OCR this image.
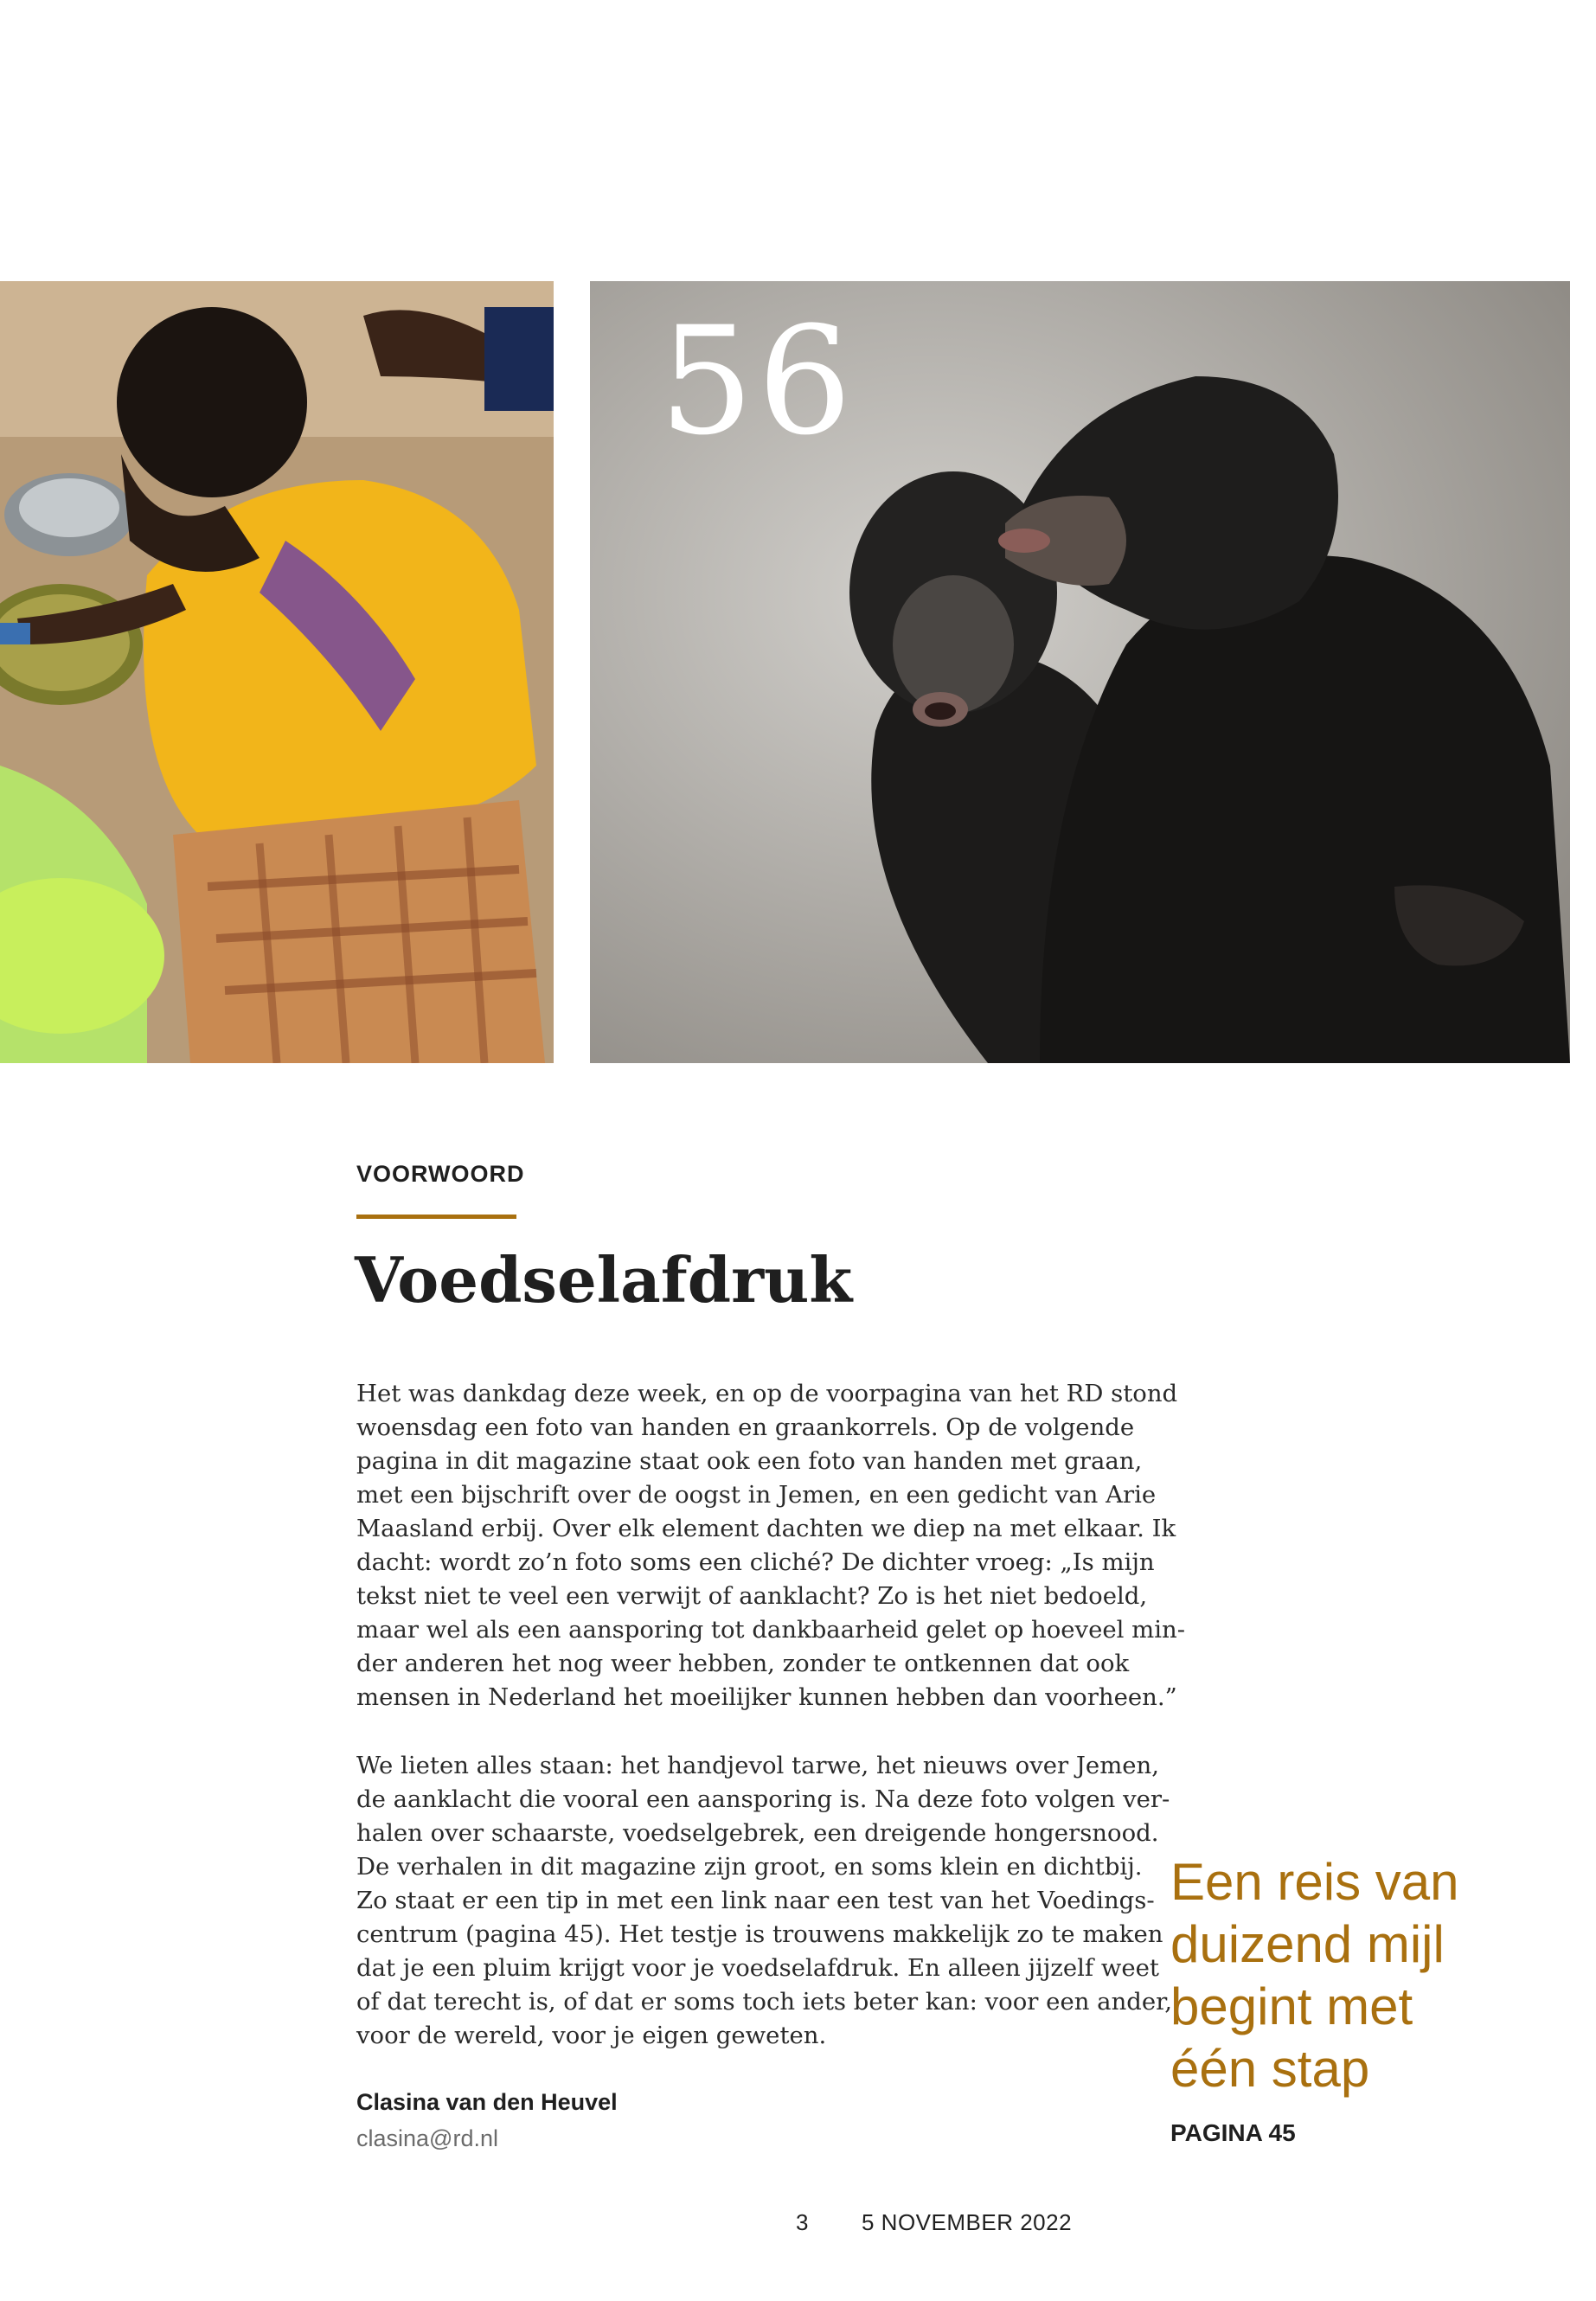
56
VOORWOORD
Voedselafdruk
Het was dankdag deze week, en op de voorpagina van het RD stond
woensdag een foto van handen en graankorrels. Op de volgende
pagina in dit magazine staat ook een foto van handen met graan,
met een bijschrift over de oogst in Jemen, en een gedicht van Arie
Maasland erbij. Over elk element dachten we diep na met elkaar. Ik
dacht: wordt zo’n foto soms een cliché? De dichter vroeg: „Is mijn
tekst niet te veel een verwijt of aanklacht? Zo is het niet bedoeld,
maar wel als een aansporing tot dankbaarheid gelet op hoeveel min-
der anderen het nog weer hebben, zonder te ontkennen dat ook
mensen in Nederland het moeilijker kunnen hebben dan voorheen.”
We lieten alles staan: het handjevol tarwe, het nieuws over Jemen,
de aanklacht die vooral een aansporing is. Na deze foto volgen ver-
halen over schaarste, voedselgebrek, een dreigende hongersnood.
De verhalen in dit magazine zijn groot, en soms klein en dichtbij.
Zo staat er een tip in met een link naar een test van het Voedings-
centrum (pagina 45). Het testje is trouwens makkelijk zo te maken
dat je een pluim krijgt voor je voedselafdruk. En alleen jijzelf weet
of dat terecht is, of dat er soms toch iets beter kan: voor een ander,
voor de wereld, voor je eigen geweten.
Clasina van den Heuvel
clasina@rd.nl
Een reis van
duizend mijl
begint met
één stap
PAGINA 45
3 5 NOVEMBER 2022
